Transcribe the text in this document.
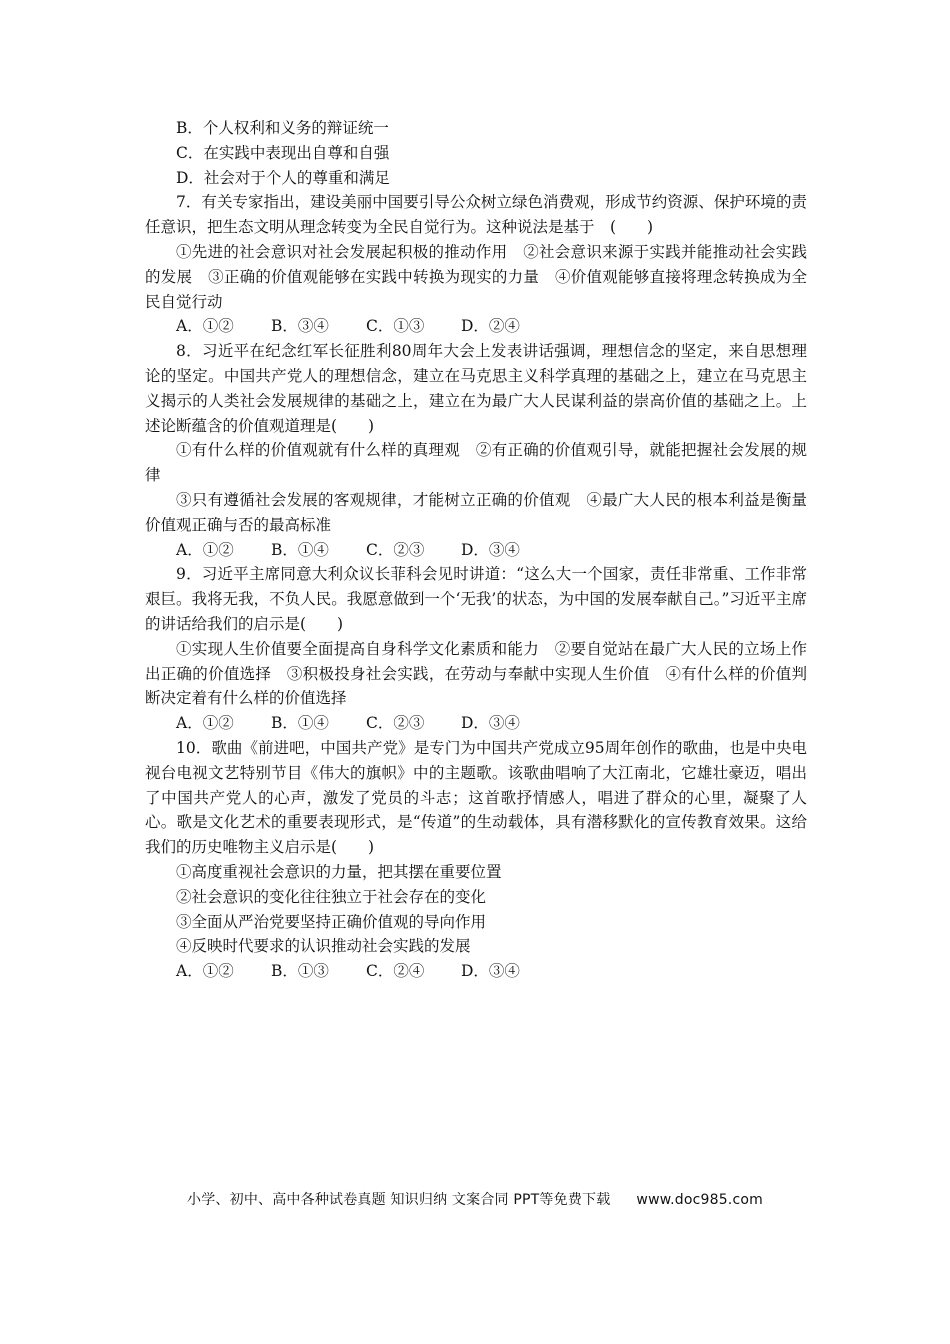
B．个人权利和义务的辩证统一

C．在实践中表现出自尊和自强

D．社会对于个人的尊重和满足

7．有关专家指出，建设美丽中国要引导公众树立绿色消费观，形成节约资源、保护环境的责任意识，把生态文明从理念转变为全民自觉行为。这种说法是基于　(　　)

①先进的社会意识对社会发展起积极的推动作用　②社会意识来源于实践并能推动社会实践的发展　③正确的价值观能够在实践中转换为现实的力量　④价值观能够直接将理念转换成为全民自觉行动

A．①②	B．③④	C．①③	D．②④

8．习近平在纪念红军长征胜利80周年大会上发表讲话强调，理想信念的坚定，来自思想理论的坚定。中国共产党人的理想信念，建立在马克思主义科学真理的基础之上，建立在马克思主义揭示的人类社会发展规律的基础之上，建立在为最广大人民谋利益的崇高价值的基础之上。上述论断蕴含的价值观道理是(　　)

①有什么样的价值观就有什么样的真理观　②有正确的价值观引导，就能把握社会发展的规律

③只有遵循社会发展的客观规律，才能树立正确的价值观　④最广大人民的根本利益是衡量价值观正确与否的最高标准

A．①②	B．①④	C．②③	D．③④

9．习近平主席同意大利众议长菲科会见时讲道：“这么大一个国家，责任非常重、工作非常艰巨。我将无我，不负人民。我愿意做到一个‘无我’的状态，为中国的发展奉献自己。”习近平主席的讲话给我们的启示是(　　)

①实现人生价值要全面提高自身科学文化素质和能力　②要自觉站在最广大人民的立场上作出正确的价值选择　③积极投身社会实践，在劳动与奉献中实现人生价值　④有什么样的价值判断决定着有什么样的价值选择

A．①②	B．①④	C．②③	D．③④

10．歌曲《前进吧，中国共产党》是专门为中国共产党成立95周年创作的歌曲，也是中央电视台电视文艺特别节目《伟大的旗帜》中的主题歌。该歌曲唱响了大江南北，它雄壮豪迈，唱出了中国共产党人的心声，激发了党员的斗志；这首歌抒情感人，唱进了群众的心里，凝聚了人心。歌是文化艺术的重要表现形式，是“传道”的生动载体，具有潜移默化的宣传教育效果。这给我们的历史唯物主义启示是(　　)

①高度重视社会意识的力量，把其摆在重要位置

②社会意识的变化往往独立于社会存在的变化

③全面从严治党要坚持正确价值观的导向作用

④反映时代要求的认识推动社会实践的发展

A．①②	B．①③	C．②④	D．③④
小学、初中、高中各种试卷真题 知识归纳 文案合同 PPT等免费下载 www.doc985.com
